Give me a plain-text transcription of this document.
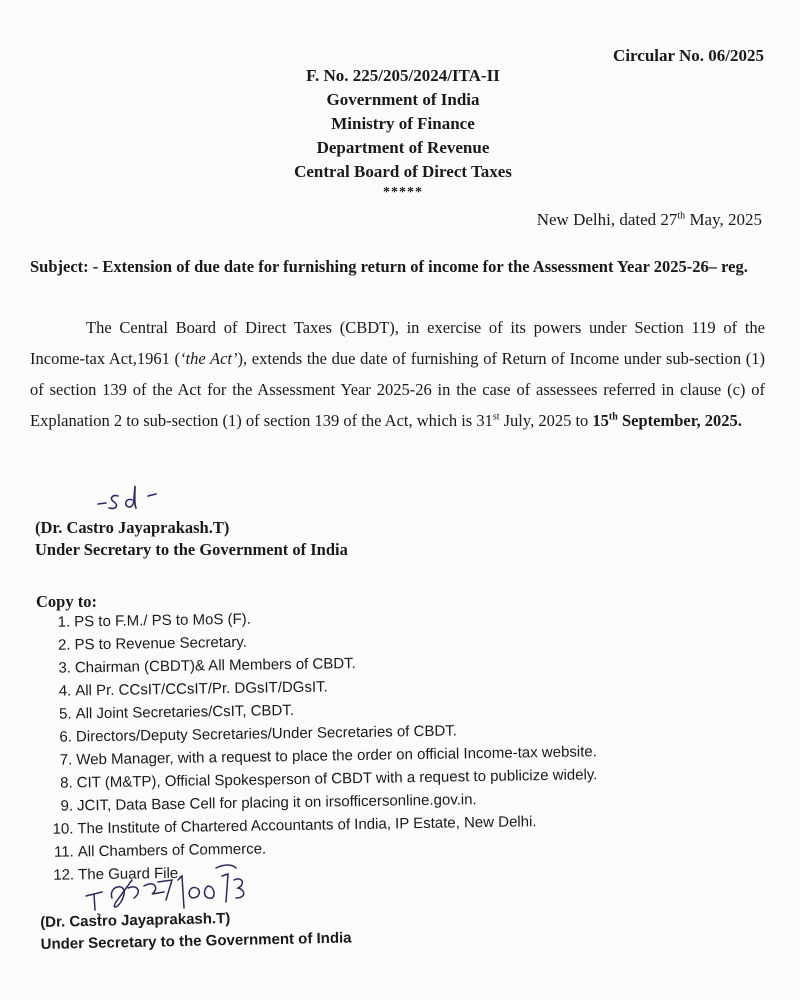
Circular No. 06/2025
F. No. 225/205/2024/ITA-II
Government of India
Ministry of Finance
Department of Revenue
Central Board of Direct Taxes
*****
New Delhi, dated 27th May, 2025
Subject: - Extension of due date for furnishing return of income for the Assessment Year 2025-26– reg.
The Central Board of Direct Taxes (CBDT), in exercise of its powers under Section 119 of the Income-tax Act,1961 (‘the Act’), extends the due date of furnishing of Return of Income under sub-section (1) of section 139 of the Act for the Assessment Year 2025-26 in the case of assessees referred in clause (c) of Explanation 2 to sub-section (1) of section 139 of the Act, which is 31st July, 2025 to 15th September, 2025.
(Dr. Castro Jayaprakash.T)
Under Secretary to the Government of India
Copy to:
1. PS to F.M./ PS to MoS (F).
2. PS to Revenue Secretary.
3. Chairman (CBDT)& All Members of CBDT.
4. All Pr. CCsIT/CCsIT/Pr. DGsIT/DGsIT.
5. All Joint Secretaries/CsIT, CBDT.
6. Directors/Deputy Secretaries/Under Secretaries of CBDT.
7. Web Manager, with a request to place the order on official Income-tax website.
8. CIT (M&TP), Official Spokesperson of CBDT with a request to publicize widely.
9. JCIT, Data Base Cell for placing it on irsofficersonline.gov.in.
10. The Institute of Chartered Accountants of India, IP Estate, New Delhi.
11. All Chambers of Commerce.
12. The Guard File.
(Dr. Castro Jayaprakash.T)
Under Secretary to the Government of India
